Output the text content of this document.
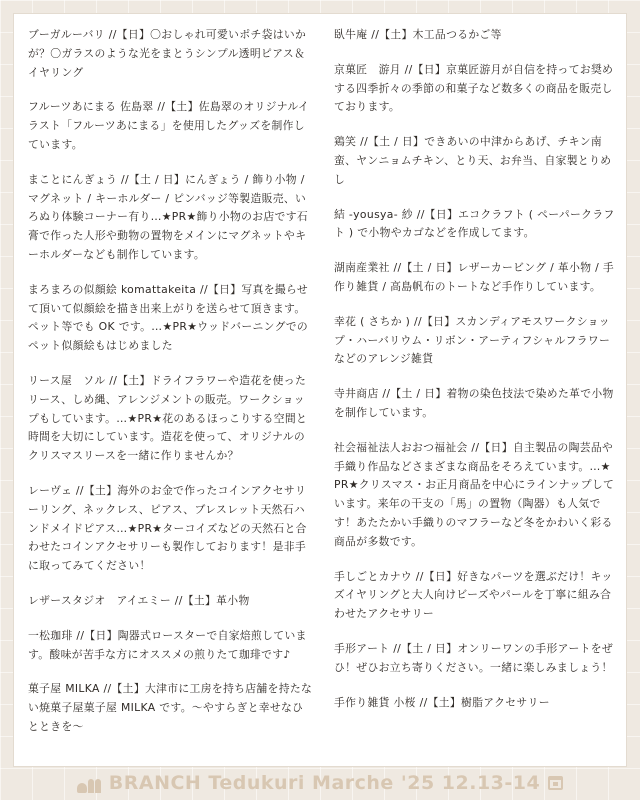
ブーガルーバリ //【日】〇おしゃれ可愛いポチ袋はいかが？〇ガラスのような光をまとうシンプル透明ピアス＆イヤリング

フルーツあにまる 佐島翠 //【土】佐島翠のオリジナルイラスト「フルーツあにまる」を使用したグッズを制作しています。

まことにんぎょう //【土 / 日】にんぎょう / 飾り小物 / マグネット / キーホルダー / ピンバッジ等製造販売、いろぬり体験コーナー有り…★PR★飾り小物のお店です石膏で作った人形や動物の置物をメインにマグネットやキーホルダーなども制作しています。

まろまろの似顔絵 komattakeita //【日】写真を撮らせて頂いて似顔絵を描き出来上がりを送らせて頂きます。ペット等でも OK です。…★PR★ウッドバーニングでのペット似顔絵もはじめました

リース屋　ソル //【土】ドライフラワーや造花を使ったリース、しめ縄、アレンジメントの販売。ワークショップもしています。…★PR★花のあるほっこりする空間と時間を大切にしています。造花を使って、オリジナルのクリスマスリースを一緒に作りませんか？

レーヴェ //【土】海外のお金で作ったコインアクセサリーリング、ネックレス、ピアス、ブレスレット天然石ハンドメイドピアス…★PR★ターコイズなどの天然石と合わせたコインアクセサリーも製作しております！是非手に取ってみてください！

レザースタジオ　アイエミー //【土】革小物

一松珈琲 //【日】陶器式ロースターで自家焙煎しています。酸味が苦手な方にオススメの煎りたて珈琲です♪

菓子屋 MILKA //【土】大津市に工房を持ち店舗を持たない焼菓子屋菓子屋 MILKA です。〜やすらぎと幸せなひとときを〜

臥牛庵 //【土】木工品つるかご等

京菓匠　游月 //【日】京菓匠游月が自信を持ってお奨めする四季折々の季節の和菓子など数多くの商品を販売しております。

鶏笑 //【土 / 日】できあいの中津からあげ、チキン南蛮、ヤンニョムチキン、とり天、お弁当、自家製とりめし

結 -yousya- 紗 //【日】エコクラフト ( ペーパークラフト ) で小物やカゴなどを作成してます。

湖南産業社 //【土 / 日】レザーカービング / 革小物 / 手作り雑貨 / 高島帆布のトートなど手作りしています。

幸花 ( さちか ) //【日】スカンディアモスワークショップ・ハーバリウム・リボン・アーティフシャルフラワーなどのアレンジ雑貨

寺井商店 //【土 / 日】着物の染色技法で染めた革で小物を制作しています。

社会福祉法人おおつ福祉会 //【日】自主製品の陶芸品や手織り作品などさまざまな商品をそろえています。…★PR★クリスマス・お正月商品を中心にラインナップしています。来年の干支の「馬」の置物（陶器）も人気です！あたたかい手織りのマフラーなど冬をかわいく彩る商品が多数です。

手しごとカナウ //【日】好きなパーツを選ぶだけ！キッズイヤリングと大人向けビーズやパールを丁寧に組み合わせたアクセサリー

手形アート //【土 / 日】オンリーワンの手形アートをぜひ！ぜひお立ち寄りください。一緒に楽しみましょう！

手作り雑貨 小桜 //【土】樹脂アクセサリー

BRANCH Tedukuri Marche '25 12.13-14
